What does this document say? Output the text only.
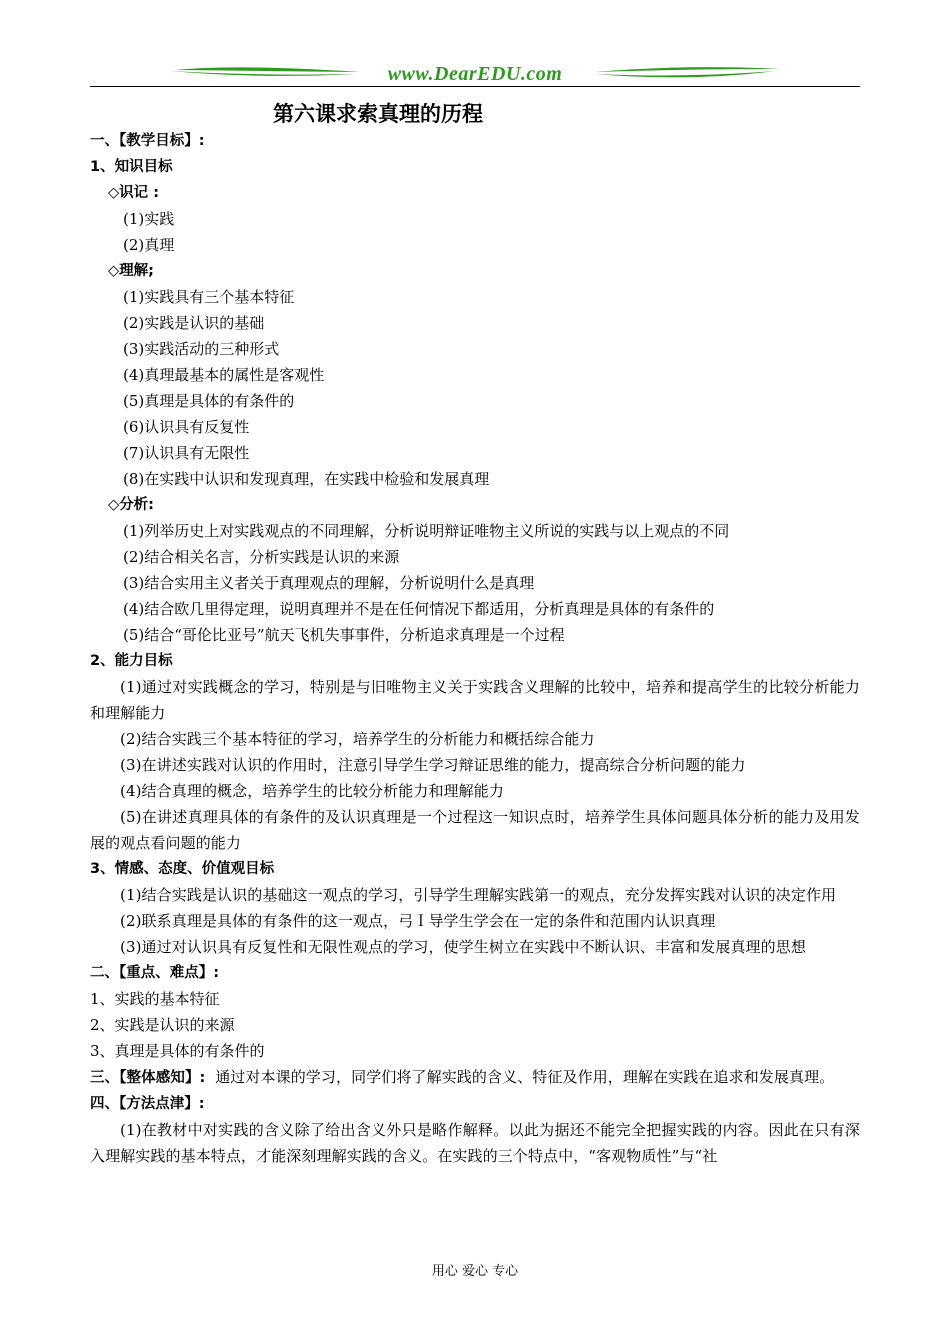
www.DearEDU.com
第六课求索真理的历程
一、【教学目标】:
1、知识目标
◇识记 :
(1)实践
(2)真理
◇理解;
(1)实践具有三个基本特征
(2)实践是认识的基础
(3)实践活动的三种形式
(4)真理最基本的属性是客观性
(5)真理是具体的有条件的
(6)认识具有反复性
(7)认识具有无限性
(8)在实践中认识和发现真理，在实践中检验和发展真理
◇分析:
(1)列举历史上对实践观点的不同理解，分析说明辩证唯物主义所说的实践与以上观点的不同
(2)结合相关名言，分析实践是认识的来源
(3)结合实用主义者关于真理观点的理解，分析说明什么是真理
(4)结合欧几里得定理，说明真理并不是在任何情况下都适用，分析真理是具体的有条件的
(5)结合“哥伦比亚号”航天飞机失事事件，分析追求真理是一个过程
2、能力目标
(1)通过对实践概念的学习，特别是与旧唯物主义关于实践含义理解的比较中，培养和提高学生的比较分析能力和理解能力
(2)结合实践三个基本特征的学习，培养学生的分析能力和概括综合能力
(3)在讲述实践对认识的作用时，注意引导学生学习辩证思维的能力，提高综合分析问题的能力
(4)结合真理的概念，培养学生的比较分析能力和理解能力
(5)在讲述真理具体的有条件的及认识真理是一个过程这一知识点时，培养学生具体问题具体分析的能力及用发展的观点看问题的能力
3、情感、态度、价值观目标
(1)结合实践是认识的基础这一观点的学习，引导学生理解实践第一的观点，充分发挥实践对认识的决定作用
(2)联系真理是具体的有条件的这一观点，弓Ｉ导学生学会在一定的条件和范围内认识真理
(3)通过对认识具有反复性和无限性观点的学习，使学生树立在实践中不断认识、丰富和发展真理的思想
二、【重点、难点】:
1、实践的基本特征
2、实践是认识的来源
3、真理是具体的有条件的
三、【整体感知】: 通过对本课的学习，同学们将了解实践的含义、特征及作用，理解在实践在追求和发展真理。
四、【方法点津】:
(1)在教材中对实践的含义除了给出含义外只是略作解释。以此为据还不能完全把握实践的内容。因此在只有深入理解实践的基本特点，才能深刻理解实践的含义。在实践的三个特点中，“客观物质性”与“社
用心 爱心 专心
